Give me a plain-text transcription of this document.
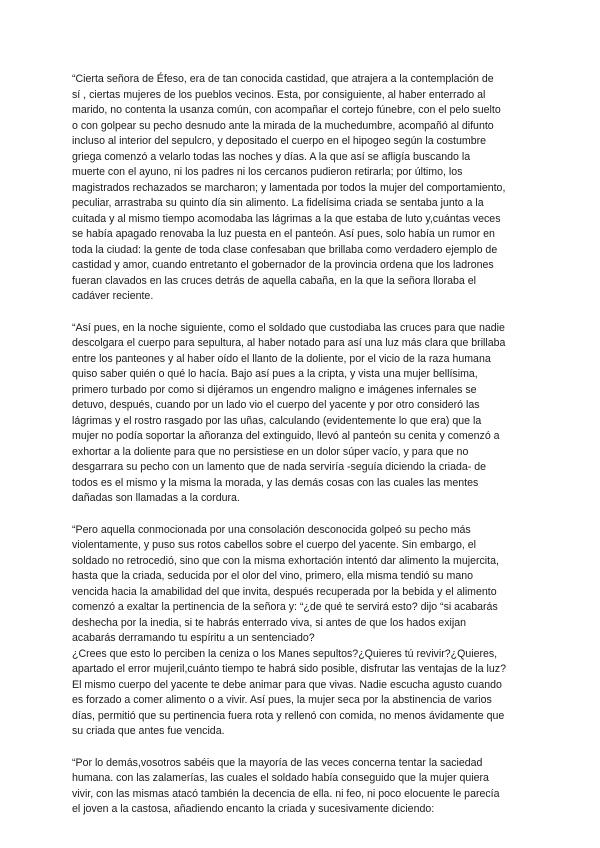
“Cierta señora de Éfeso, era de tan conocida castidad, que atrajera a la contemplación de
sí , ciertas mujeres de los pueblos vecinos. Esta, por consiguiente, al haber enterrado al
marido, no contenta la usanza común, con acompañar el cortejo fúnebre, con el pelo suelto
o con golpear su pecho desnudo ante la mirada de la muchedumbre, acompañó al difunto
incluso al interior del sepulcro, y depositado el cuerpo en el hipogeo según la costumbre
griega comenzó a velarlo todas las noches y días. A la que así se afligía buscando la
muerte con el ayuno, ni los padres ni los cercanos pudieron retirarla; por último, los
magistrados rechazados se marcharon; y lamentada por todos la mujer del comportamiento,
peculiar, arrastraba su quinto día sin alimento. La fidelísima criada se sentaba junto a la
cuitada y al mismo tiempo acomodaba las lágrimas a la que estaba de luto y,cuántas veces
se había apagado renovaba la luz puesta en el panteón. Así pues, solo había un rumor en
toda la ciudad: la gente de toda clase confesaban que brillaba como verdadero ejemplo de
castidad y amor, cuando entretanto el gobernador de la provincia ordena que los ladrones
fueran clavados en las cruces detrás de aquella cabaña, en la que la señora lloraba el
cadáver reciente.
“Así pues, en la noche siguiente, como el soldado que custodiaba las cruces para que nadie
descolgara el cuerpo para sepultura, al haber notado para así una luz más clara que brillaba
entre los panteones y al haber oído el llanto de la doliente, por el vicio de la raza humana
quiso saber quién o qué lo hacía. Bajo así pues a la cripta, y vista una mujer bellísima,
primero turbado por como si dijéramos un engendro maligno e imágenes infernales se
detuvo, después, cuando por un lado vio el cuerpo del yacente y por otro consideró las
lágrimas y el rostro rasgado por las uñas, calculando (evidentemente lo que era) que la
mujer no podía soportar la añoranza del extinguido, llevó al panteón su cenita y comenzó a
exhortar a la doliente para que no persistiese en un dolor súper vacío, y para que no
desgarrara su pecho con un lamento que de nada serviría -seguía diciendo la criada- de
todos es el mismo y la misma la morada, y las demás cosas con las cuales las mentes
dañadas son llamadas a la cordura.
“Pero aquella conmocionada por una consolación desconocida golpeó su pecho más
violentamente, y puso sus rotos cabellos sobre el cuerpo del yacente. Sin embargo, el
soldado no retrocedió, sino que con la misma exhortación intentó dar alimento la mujercita,
hasta que la criada, seducida por el olor del vino, primero, ella misma tendió su mano
vencida hacia la amabilidad del que invita, después recuperada por la bebida y el alimento
comenzó a exaltar la pertinencia de la señora y: “¿de qué te servirá esto? dijo “si acabarás
deshecha por la inedia, si te habrás enterrado viva, si antes de que los hados exijan
acabarás derramando tu espíritu a un sentenciado?
¿Crees que esto lo perciben la ceniza o los Manes sepultos?¿Quieres tú revivir?¿Quieres,
apartado el error mujeril,cuánto tiempo te habrá sido posible, disfrutar las ventajas de la luz?
El mismo cuerpo del yacente te debe animar para que vivas. Nadie escucha agusto cuando
es forzado a comer alimento o a vivir. Así pues, la mujer seca por la abstinencia de varios
días, permitió que su pertinencia fuera rota y rellenó con comida, no menos ávidamente que
su criada que antes fue vencida.
“Por lo demás,vosotros sabéis que la mayoría de las veces concerna tentar la saciedad
humana. con las zalamerías, las cuales el soldado había conseguido que la mujer quiera
vivir, con las mismas atacó también la decencia de ella. ni feo, ni poco elocuente le parecía
el joven a la castosa, añadiendo encanto la criada y sucesivamente diciendo:
